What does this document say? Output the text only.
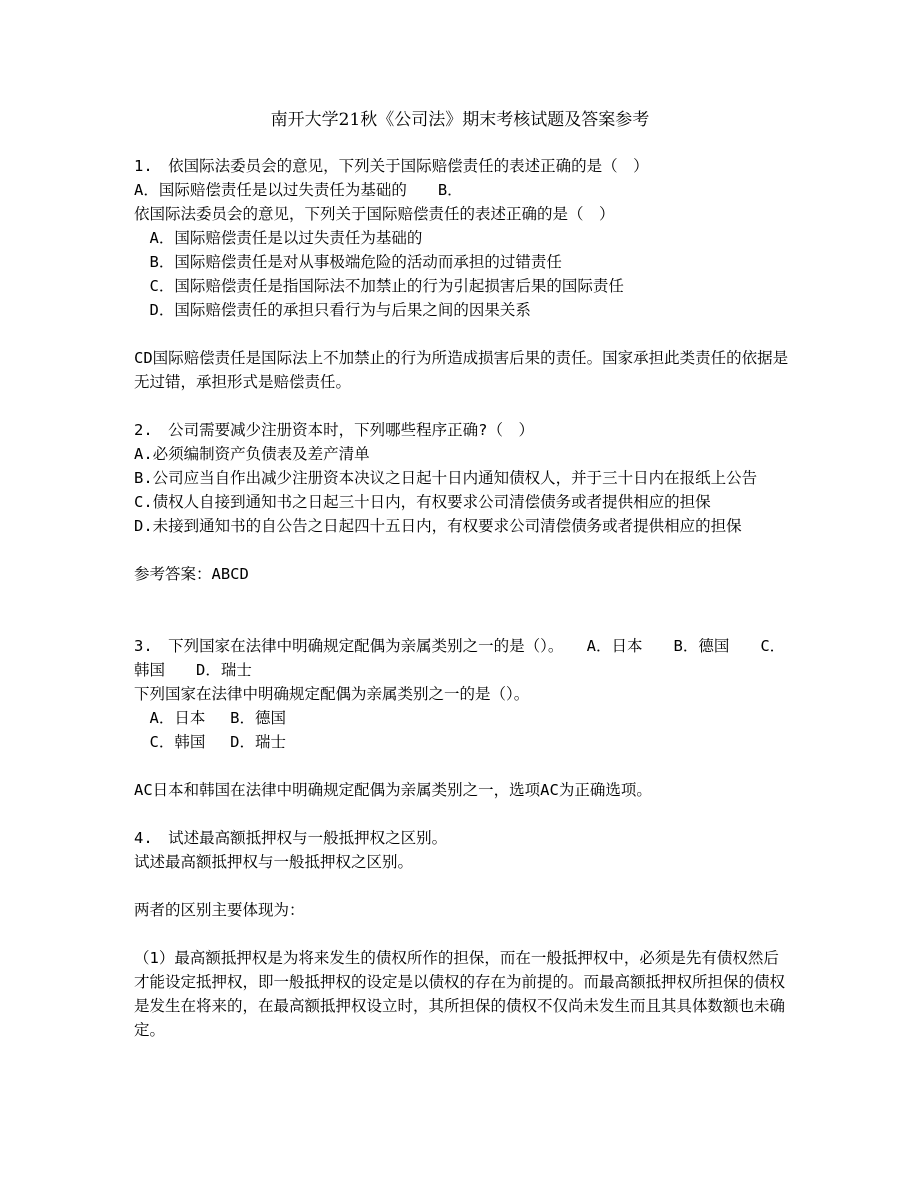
南开大学21秋《公司法》期末考核试题及答案参考

1.　依国际法委员会的意见，下列关于国际赔偿责任的表述正确的是（　）

A．国际赔偿责任是以过失责任为基础的　　B．

依国际法委员会的意见，下列关于国际赔偿责任的表述正确的是（　）

　A．国际赔偿责任是以过失责任为基础的

　B．国际赔偿责任是对从事极端危险的活动而承担的过错责任

　C．国际赔偿责任是指国际法不加禁止的行为引起损害后果的国际责任

　D．国际赔偿责任的承担只看行为与后果之间的因果关系

CD国际赔偿责任是国际法上不加禁止的行为所造成损害后果的责任。国家承担此类责任的依据是无过错，承担形式是赔偿责任。

2.　公司需要减少注册资本时，下列哪些程序正确?（　）

A.必须编制资产负债表及差产清单

B.公司应当自作出减少注册资本决议之日起十日内通知债权人，并于三十日内在报纸上公告

C.债权人自接到通知书之日起三十日内，有权要求公司清偿债务或者提供相应的担保

D.未接到通知书的自公告之日起四十五日内，有权要求公司清偿债务或者提供相应的担保

参考答案：ABCD

3.　下列国家在法律中明确规定配偶为亲属类别之一的是（）。　　A．日本　　B．德国　　C．韩国　　D．瑞士

下列国家在法律中明确规定配偶为亲属类别之一的是（）。

　A．日本　 B．德国

　C．韩国　 D．瑞士

AC日本和韩国在法律中明确规定配偶为亲属类别之一，选项AC为正确选项。

4.　试述最高额抵押权与一般抵押权之区别。

试述最高额抵押权与一般抵押权之区别。

两者的区别主要体现为：

（1）最高额抵押权是为将来发生的债权所作的担保，而在一般抵押权中，必须是先有债权然后才能设定抵押权，即一般抵押权的设定是以债权的存在为前提的。而最高额抵押权所担保的债权是发生在将来的，在最高额抵押权设立时，其所担保的债权不仅尚未发生而且其具体数额也未确定。
